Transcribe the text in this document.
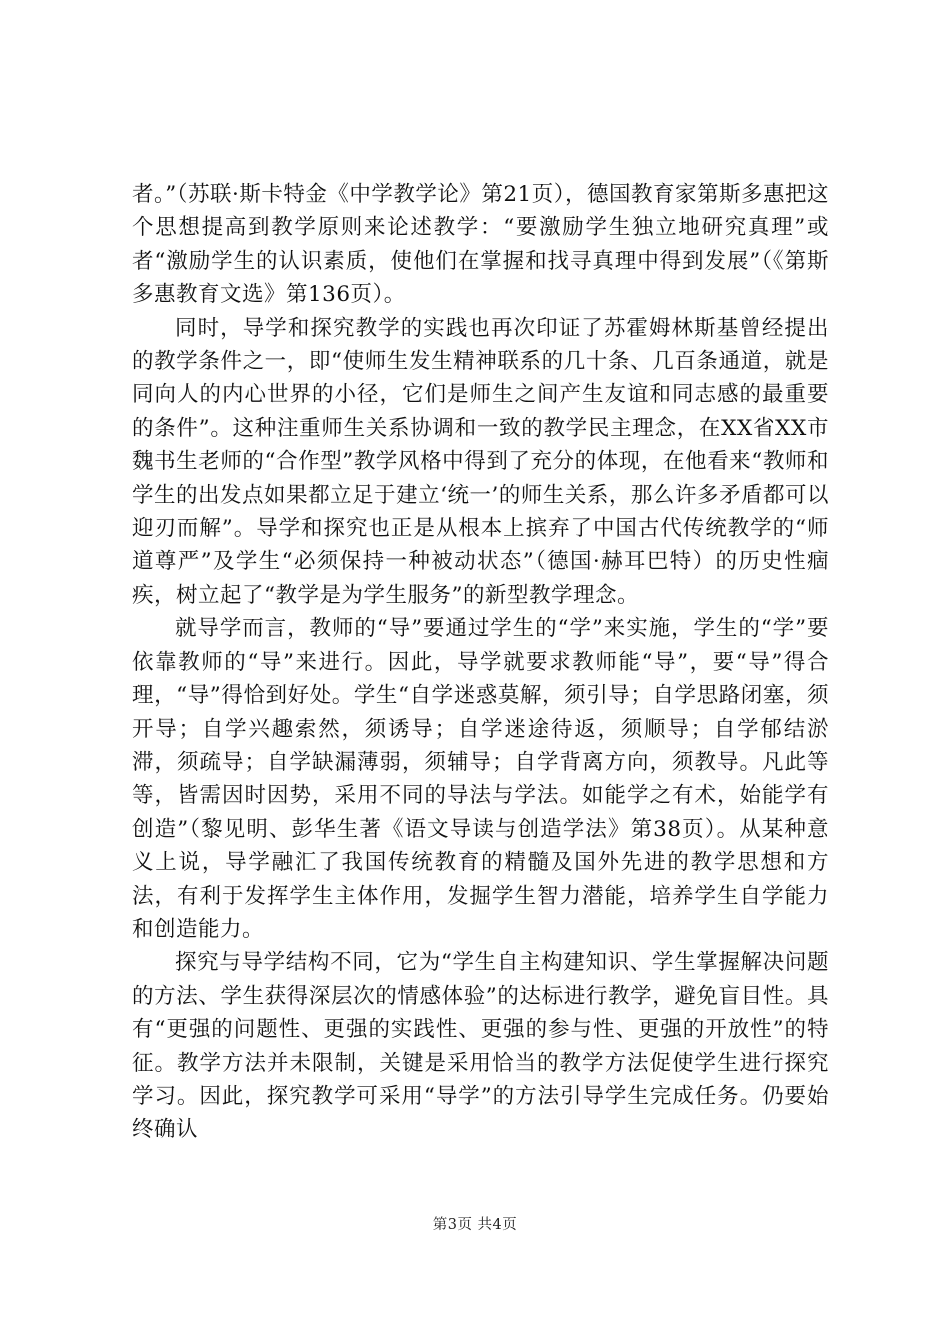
者。”（苏联·斯卡特金《中学教学论》第21页），德国教育家第斯多惠把这个思想提高到教学原则来论述教学：“要激励学生独立地研究真理”或者“激励学生的认识素质，使他们在掌握和找寻真理中得到发展”（《第斯多惠教育文选》第136页）。

同时，导学和探究教学的实践也再次印证了苏霍姆林斯基曾经提出的教学条件之一，即“使师生发生精神联系的几十条、几百条通道，就是同向人的内心世界的小径，它们是师生之间产生友谊和同志感的最重要的条件”。这种注重师生关系协调和一致的教学民主理念，在XX省XX市魏书生老师的“合作型”教学风格中得到了充分的体现，在他看来“教师和学生的出发点如果都立足于建立‘统一’的师生关系，那么许多矛盾都可以迎刃而解”。导学和探究也正是从根本上摈弃了中国古代传统教学的“师道尊严”及学生“必须保持一种被动状态”（德国·赫耳巴特）的历史性痼疾，树立起了“教学是为学生服务”的新型教学理念。

就导学而言，教师的“导”要通过学生的“学”来实施，学生的“学”要依靠教师的“导”来进行。因此，导学就要求教师能“导”，要“导”得合理，“导”得恰到好处。学生“自学迷惑莫解，须引导；自学思路闭塞，须开导；自学兴趣索然，须诱导；自学迷途待返，须顺导；自学郁结淤滞，须疏导；自学缺漏薄弱，须辅导；自学背离方向，须教导。凡此等等，皆需因时因势，采用不同的导法与学法。如能学之有术，始能学有创造”（黎见明、彭华生著《语文导读与创造学法》第38页）。从某种意义上说，导学融汇了我国传统教育的精髓及国外先进的教学思想和方法，有利于发挥学生主体作用，发掘学生智力潜能，培养学生自学能力和创造能力。

探究与导学结构不同，它为“学生自主构建知识、学生掌握解决问题的方法、学生获得深层次的情感体验”的达标进行教学，避免盲目性。具有“更强的问题性、更强的实践性、更强的参与性、更强的开放性”的特征。教学方法并未限制，关键是采用恰当的教学方法促使学生进行探究学习。因此，探究教学可采用“导学”的方法引导学生完成任务。仍要始终确认

第3页 共4页
